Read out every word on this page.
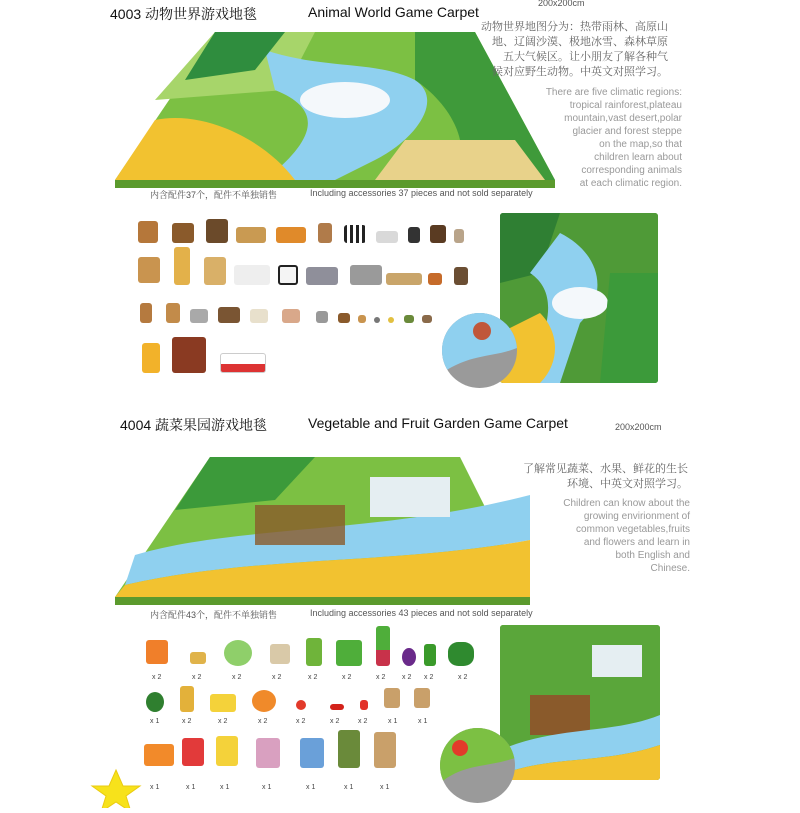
200x200cm
4003 动物世界游戏地毯	Animal World Game Carpet
动物世界地图分为：热带雨林、高原山
地、辽阔沙漠、极地冰雪、森林草原
五大气候区。让小朋友了解各种气
候对应野生动物。中英文对照学习。
There are five climatic regions:
tropical rainforest,plateau
mountain,vast desert,polar
glacier and forest steppe
on the map,so that
children learn about
corresponding animals
at each climatic region.
内含配件37个，配件不单独销售	Including accessories 37 pieces and not sold separately
4004 蔬菜果园游戏地毯	Vegetable and Fruit Garden Game Carpet	200x200cm
了解常见蔬菜、水果、鲜花的生长
环境、中英文对照学习。
Children can know about the
growing envirionment of
common vegetables,fruits
and flowers and learn in
both English and
Chinese.
内含配件43个，配件不单独销售	Including accessories 43 pieces and not sold separately
x 2	x 2	x 2	x 2	x 2	x 2	x 2 x 2 x 2	x 2
x 1	x 2	x 2	x 2	x 2	x 2	x 2	x 1	x 1
x 1	x 1	x 1	x 1	x 1	x 1	x 1
